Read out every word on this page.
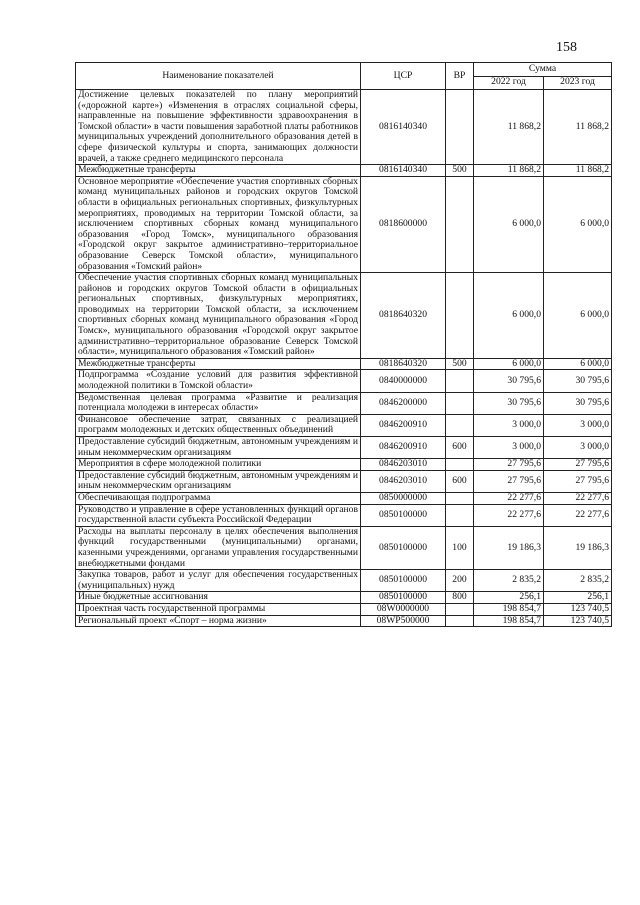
158
Наименование показателей	ЦСР	ВР	Сумма	
			2022 год	2023 год
Достижение целевых показателей по плану мероприятий («дорожной карте») «Изменения в отраслях социальной сферы, направленные на повышение эффективности здравоохранения в Томской области» в части повышения заработной платы работников муниципальных учреждений дополнительного образования детей в сфере физической культуры и спорта, занимающих должности врачей, а также среднего медицинского персонала	0816140340		11 868,2	11 868,2
Межбюджетные трансферты	0816140340	500	11 868,2	11 868,2
Основное мероприятие «Обеспечение участия спортивных сборных команд муниципальных районов и городских округов Томской области в официальных региональных спортивных, физкультурных мероприятиях, проводимых на территории Томской области, за исключением спортивных сборных команд муниципального образования «Город Томск», муниципального образования «Городской округ закрытое административно–территориальное образование Северск Томской области», муниципального образования «Томский район»	0818600000		6 000,0	6 000,0
Обеспечение участия спортивных сборных команд муниципальных районов и городских округов Томской области в официальных региональных спортивных, физкультурных мероприятиях, проводимых на территории Томской области, за исключением спортивных сборных команд муниципального образования «Город Томск», муниципального образования «Городской округ закрытое административно–территориальное образование Северск Томской области», муниципального образования «Томский район»	0818640320		6 000,0	6 000,0
Межбюджетные трансферты	0818640320	500	6 000,0	6 000,0
Подпрограмма «Создание условий для развития эффективной молодежной политики в Томской области»	0840000000		30 795,6	30 795,6
Ведомственная целевая программа «Развитие и реализация потенциала молодежи в интересах области»	0846200000		30 795,6	30 795,6
Финансовое обеспечение затрат, связанных с реализацией программ молодежных и детских общественных объединений	0846200910		3 000,0	3 000,0
Предоставление субсидий бюджетным, автономным учреждениям и иным некоммерческим организациям	0846200910	600	3 000,0	3 000,0
Мероприятия в сфере молодежной политики	0846203010		27 795,6	27 795,6
Предоставление субсидий бюджетным, автономным учреждениям и иным некоммерческим организациям	0846203010	600	27 795,6	27 795,6
Обеспечивающая подпрограмма	0850000000		22 277,6	22 277,6
Руководство и управление в сфере установленных функций органов государственной власти субъекта Российской Федерации	0850100000		22 277,6	22 277,6
Расходы на выплаты персоналу в целях обеспечения выполнения функций государственными (муниципальными) органами, казенными учреждениями, органами управления государственными внебюджетными фондами	0850100000	100	19 186,3	19 186,3
Закупка товаров, работ и услуг для обеспечения государственных (муниципальных) нужд	0850100000	200	2 835,2	2 835,2
Иные бюджетные ассигнования	0850100000	800	256,1	256,1
Проектная часть государственной программы	08W0000000		198 854,7	123 740,5
Региональный проект «Спорт – норма жизни»	08WP500000		198 854,7	123 740,5
